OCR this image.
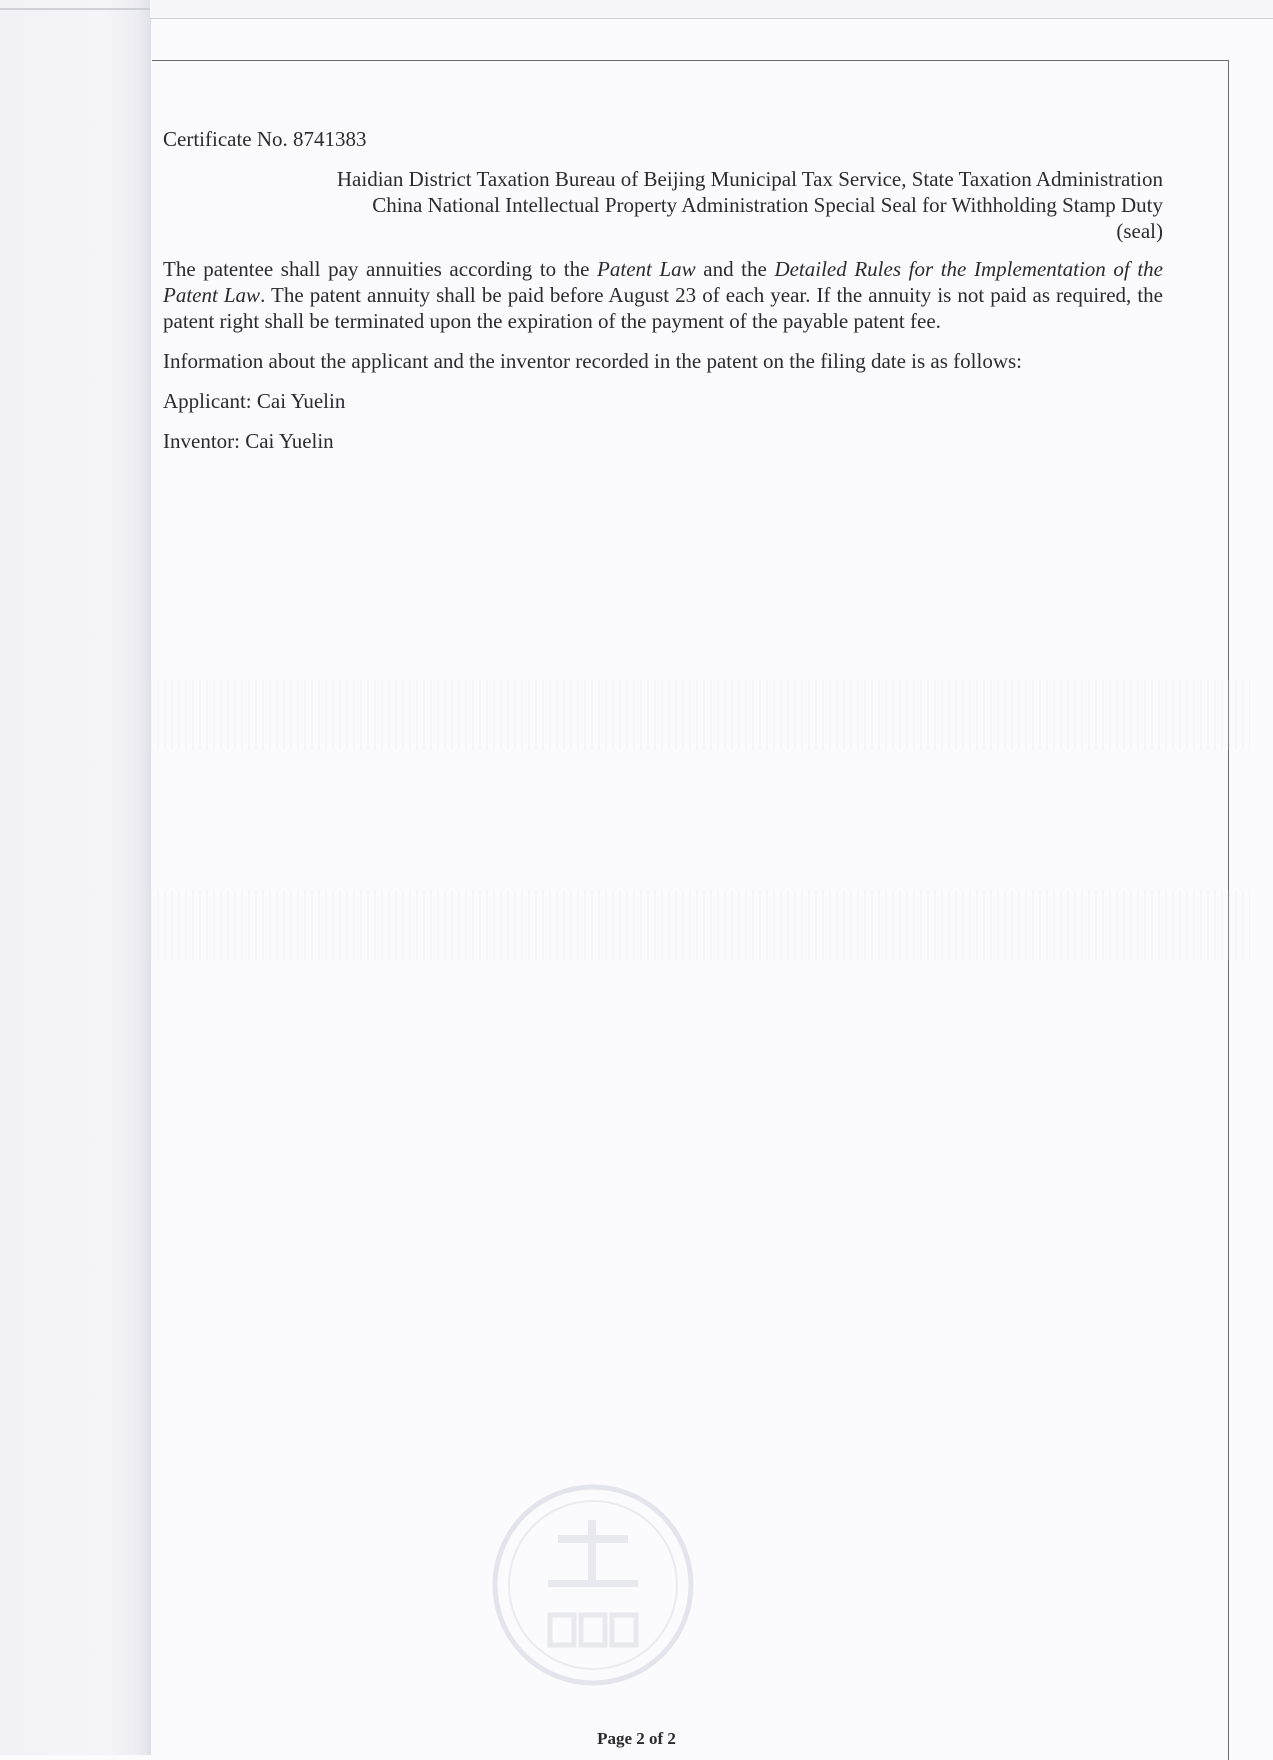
Certificate No. 8741383

Haidian District Taxation Bureau of Beijing Municipal Tax Service, State Taxation Administration
China National Intellectual Property Administration Special Seal for Withholding Stamp Duty
(seal)

The patentee shall pay annuities according to the Patent Law and the Detailed Rules for the Implementation of the Patent Law. The patent annuity shall be paid before August 23 of each year. If the annuity is not paid as required, the patent right shall be terminated upon the expiration of the payment of the payable patent fee.

Information about the applicant and the inventor recorded in the patent on the filing date is as follows:

Applicant: Cai Yuelin

Inventor: Cai Yuelin

Page 2 of 2
